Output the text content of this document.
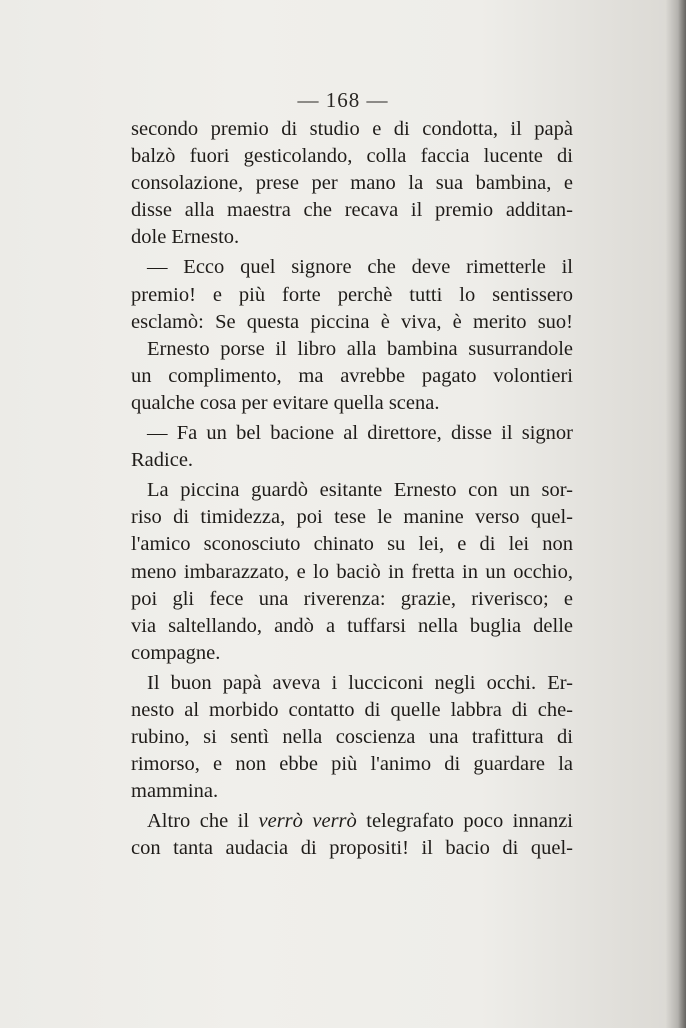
— 168 —
secondo premio di studio e di condotta, il papà
balzò fuori gesticolando, colla faccia lucente di
consolazione, prese per mano la sua bambina, e
disse alla maestra che recava il premio additan-
dole Ernesto.
— Ecco quel signore che deve rimetterle il
premio! e più forte perchè tutti lo sentissero
esclamò: Se questa piccina è viva, è merito suo!
Ernesto porse il libro alla bambina susurrandole
un complimento, ma avrebbe pagato volontieri
qualche cosa per evitare quella scena.
— Fa un bel bacione al direttore, disse il signor
Radice.
La piccina guardò esitante Ernesto con un sor-
riso di timidezza, poi tese le manine verso quel-
l'amico sconosciuto chinato su lei, e di lei non
meno imbarazzato, e lo baciò in fretta in un occhio,
poi gli fece una riverenza: grazie, riverisco; e
via saltellando, andò a tuffarsi nella buglia delle
compagne.
Il buon papà aveva i lucciconi negli occhi. Er-
nesto al morbido contatto di quelle labbra di che-
rubino, si sentì nella coscienza una trafittura di
rimorso, e non ebbe più l'animo di guardare la
mammina.
Altro che il verrò verrò telegrafato poco innanzi
con tanta audacia di propositi! il bacio di quel-
